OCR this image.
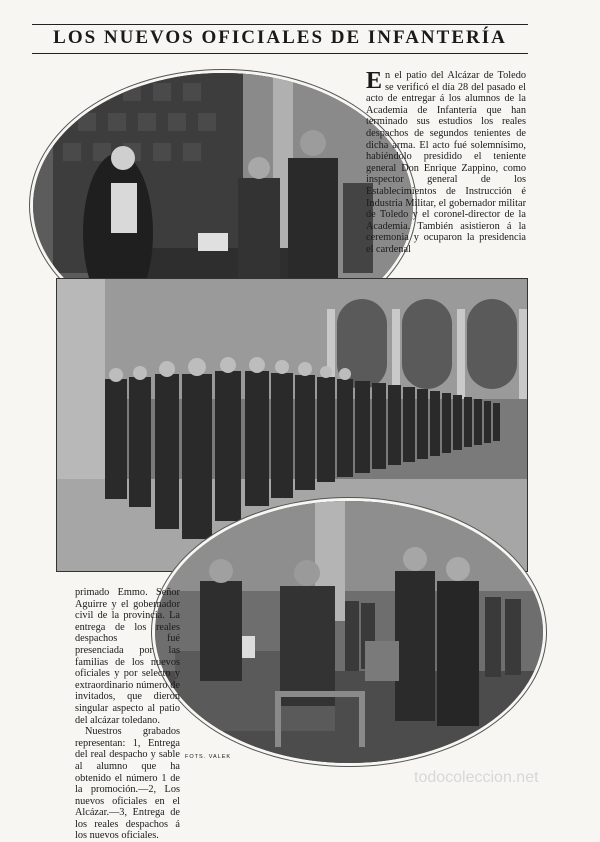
LOS NUEVOS OFICIALES DE INFANTERÍA
En el patio del Alcázar de Toledo se verificó el día 28 del pasado el acto de entregar á los alumnos de la Academia de Infantería que han terminado sus estudios los reales despachos de segundos tenientes de dicha arma. El acto fué solemnísimo, habiéndolo presidido el teniente general Don Enrique Zappino, como inspector general de los Establecimientos de Instrucción é Industria Militar, el gobernador militar de Toledo y el coronel-director de la Academia. También asistieron á la ceremonia y ocuparon la presidencia el cardenal
primado Emmo. Señor Aguirre y el gobernador civil de la provincia. La entrega de los reales despachos fué presenciada por las familias de los nuevos oficiales y por selecto y extraordinario número de invitados, que dieron singular aspecto al patio del alcázar toledano.
Nuestros grabados representan: 1, Entrega del real despacho y sable al alumno que ha obtenido el número 1 de la promoción.—2, Los nuevos oficiales en el Alcázar.—3, Entrega de los reales despachos á los nuevos oficiales.
FOTS. VALEK
todocoleccion.net
